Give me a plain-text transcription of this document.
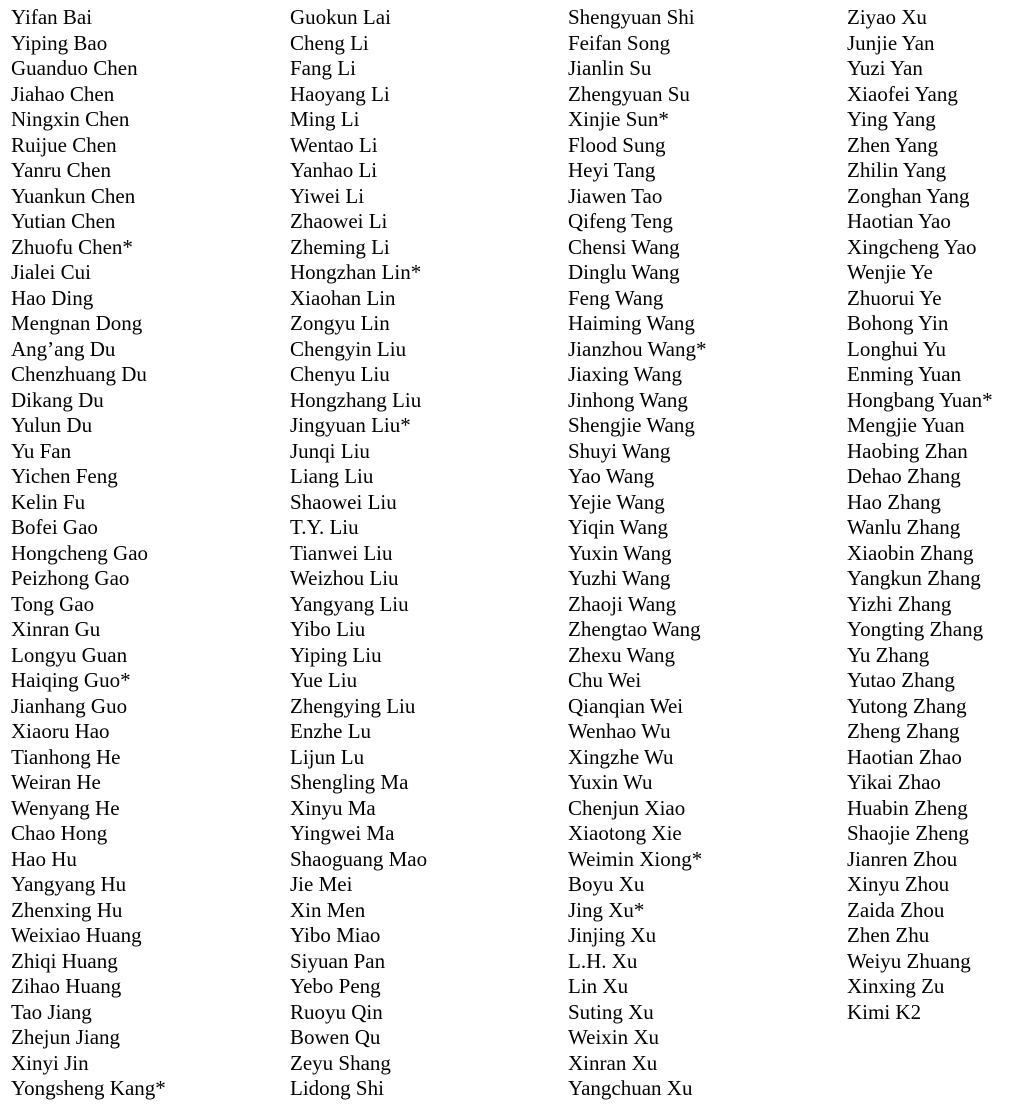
Yifan Bai
Yiping Bao
Guanduo Chen
Jiahao Chen
Ningxin Chen
Ruijue Chen
Yanru Chen
Yuankun Chen
Yutian Chen
Zhuofu Chen*
Jialei Cui
Hao Ding
Mengnan Dong
Ang’ang Du
Chenzhuang Du
Dikang Du
Yulun Du
Yu Fan
Yichen Feng
Kelin Fu
Bofei Gao
Hongcheng Gao
Peizhong Gao
Tong Gao
Xinran Gu
Longyu Guan
Haiqing Guo*
Jianhang Guo
Xiaoru Hao
Tianhong He
Weiran He
Wenyang He
Chao Hong
Hao Hu
Yangyang Hu
Zhenxing Hu
Weixiao Huang
Zhiqi Huang
Zihao Huang
Tao Jiang
Zhejun Jiang
Xinyi Jin
Yongsheng Kang*
Guokun Lai
Cheng Li
Fang Li
Haoyang Li
Ming Li
Wentao Li
Yanhao Li
Yiwei Li
Zhaowei Li
Zheming Li
Hongzhan Lin*
Xiaohan Lin
Zongyu Lin
Chengyin Liu
Chenyu Liu
Hongzhang Liu
Jingyuan Liu*
Junqi Liu
Liang Liu
Shaowei Liu
T.Y. Liu
Tianwei Liu
Weizhou Liu
Yangyang Liu
Yibo Liu
Yiping Liu
Yue Liu
Zhengying Liu
Enzhe Lu
Lijun Lu
Shengling Ma
Xinyu Ma
Yingwei Ma
Shaoguang Mao
Jie Mei
Xin Men
Yibo Miao
Siyuan Pan
Yebo Peng
Ruoyu Qin
Bowen Qu
Zeyu Shang
Lidong Shi
Shengyuan Shi
Feifan Song
Jianlin Su
Zhengyuan Su
Xinjie Sun*
Flood Sung
Heyi Tang
Jiawen Tao
Qifeng Teng
Chensi Wang
Dinglu Wang
Feng Wang
Haiming Wang
Jianzhou Wang*
Jiaxing Wang
Jinhong Wang
Shengjie Wang
Shuyi Wang
Yao Wang
Yejie Wang
Yiqin Wang
Yuxin Wang
Yuzhi Wang
Zhaoji Wang
Zhengtao Wang
Zhexu Wang
Chu Wei
Qianqian Wei
Wenhao Wu
Xingzhe Wu
Yuxin Wu
Chenjun Xiao
Xiaotong Xie
Weimin Xiong*
Boyu Xu
Jing Xu*
Jinjing Xu
L.H. Xu
Lin Xu
Suting Xu
Weixin Xu
Xinran Xu
Yangchuan Xu
Ziyao Xu
Junjie Yan
Yuzi Yan
Xiaofei Yang
Ying Yang
Zhen Yang
Zhilin Yang
Zonghan Yang
Haotian Yao
Xingcheng Yao
Wenjie Ye
Zhuorui Ye
Bohong Yin
Longhui Yu
Enming Yuan
Hongbang Yuan*
Mengjie Yuan
Haobing Zhan
Dehao Zhang
Hao Zhang
Wanlu Zhang
Xiaobin Zhang
Yangkun Zhang
Yizhi Zhang
Yongting Zhang
Yu Zhang
Yutao Zhang
Yutong Zhang
Zheng Zhang
Haotian Zhao
Yikai Zhao
Huabin Zheng
Shaojie Zheng
Jianren Zhou
Xinyu Zhou
Zaida Zhou
Zhen Zhu
Weiyu Zhuang
Xinxing Zu
Kimi K2
